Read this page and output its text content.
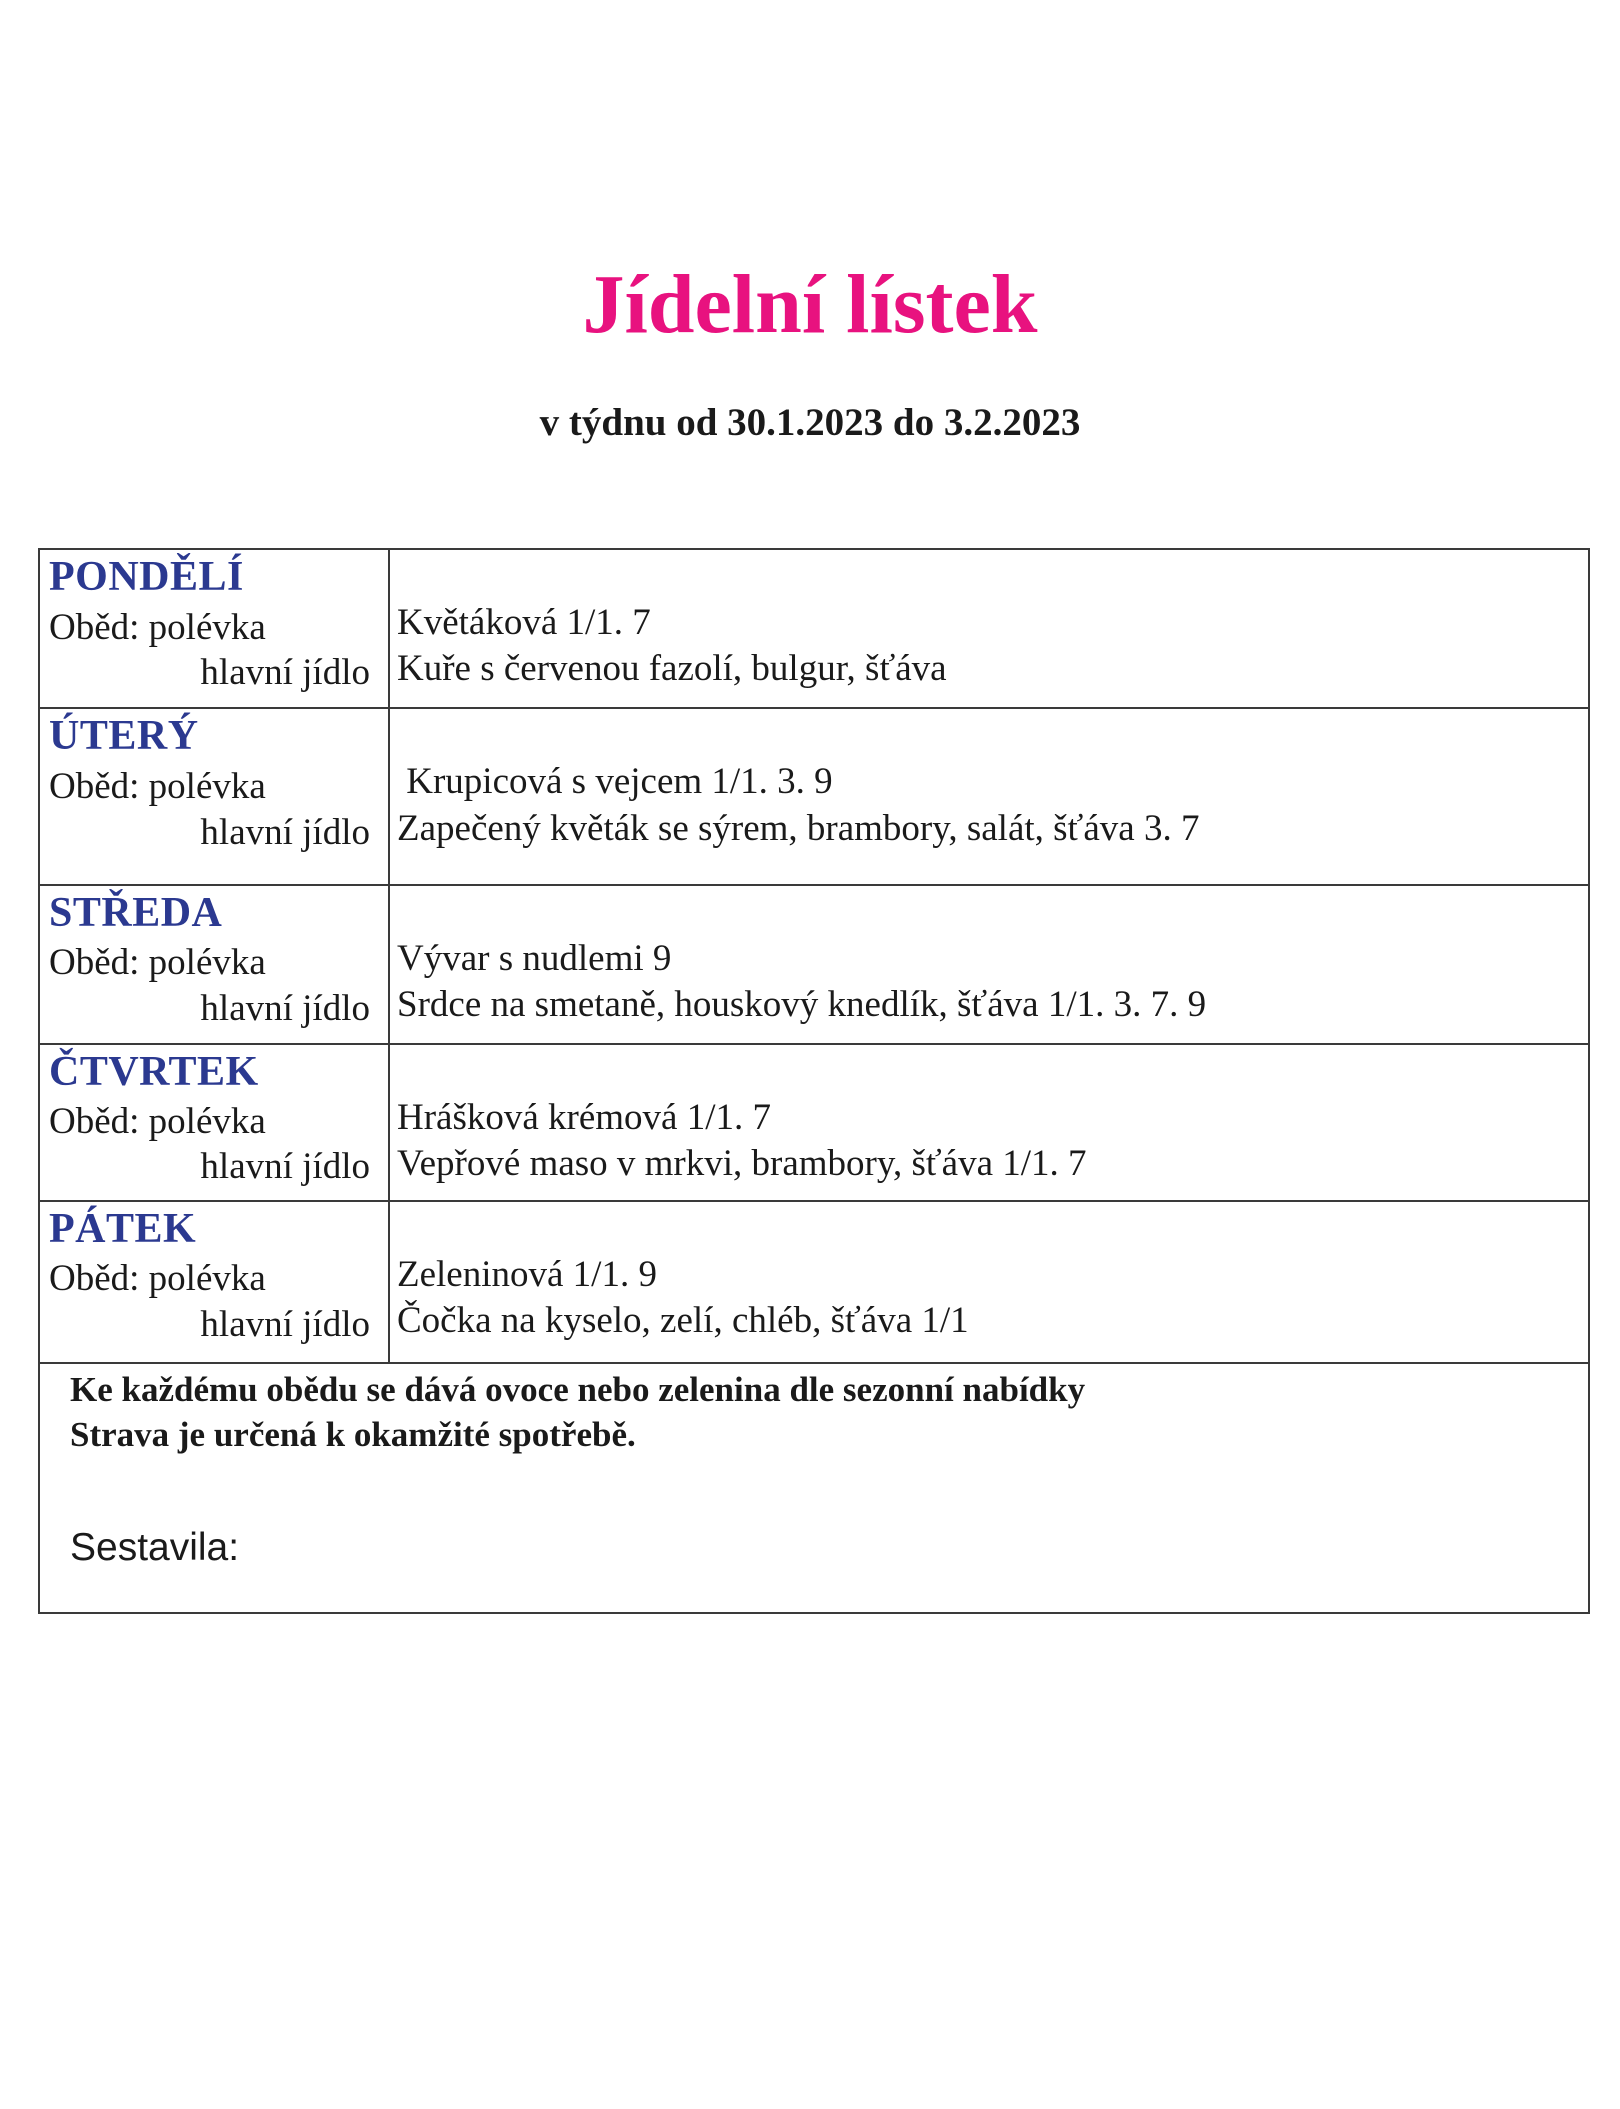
Jídelní lístek
v týdnu od 30.1.2023 do 3.2.2023
PONDĚLÍ
Oběd: polévka
hlavní jídlo
Květáková 1/1. 7
Kuře s červenou fazolí, bulgur, šťáva
ÚTERÝ
Oběd: polévka
hlavní jídlo
Krupicová s vejcem 1/1. 3. 9
Zapečený květák se sýrem, brambory, salát, šťáva 3. 7
STŘEDA
Oběd: polévka
hlavní jídlo
Vývar s nudlemi 9
Srdce na smetaně, houskový knedlík, šťáva 1/1. 3. 7. 9
ČTVRTEK
Oběd: polévka
hlavní jídlo
Hrášková krémová 1/1. 7
Vepřové maso v mrkvi, brambory, šťáva 1/1. 7
PÁTEK
Oběd: polévka
hlavní jídlo
Zeleninová 1/1. 9
Čočka na kyselo, zelí, chléb, šťáva 1/1
Ke každému obědu se dává ovoce nebo zelenina dle sezonní nabídky
Strava je určená k okamžité spotřebě.
Sestavila:
